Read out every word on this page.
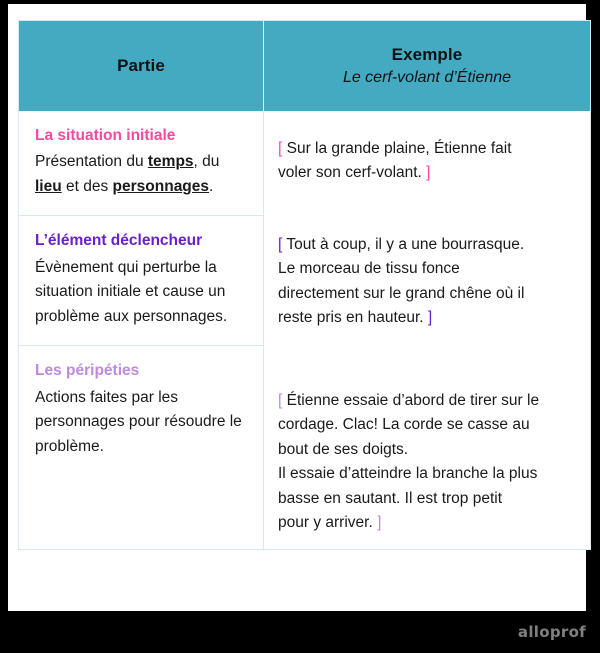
Partie
Exemple
Le cerf-volant d’Étienne
La situation initiale
Présentation du temps, du lieu et des personnages.
L’élément déclencheur
Évènement qui perturbe la situation initiale et cause un problème aux personnages.
Les péripéties
Actions faites par les personnages pour résoudre le problème.
[ Sur la grande plaine, Étienne fait
voler son cerf-volant. ]
[ Tout à coup, il y a une bourrasque.
Le morceau de tissu fonce
directement sur le grand chêne où il
reste pris en hauteur. ]
[ Étienne essaie d’abord de tirer sur le
cordage. Clac! La corde se casse au
bout de ses doigts.
Il essaie d’atteindre la branche la plus
basse en sautant. Il est trop petit
pour y arriver. ]
alloprof
